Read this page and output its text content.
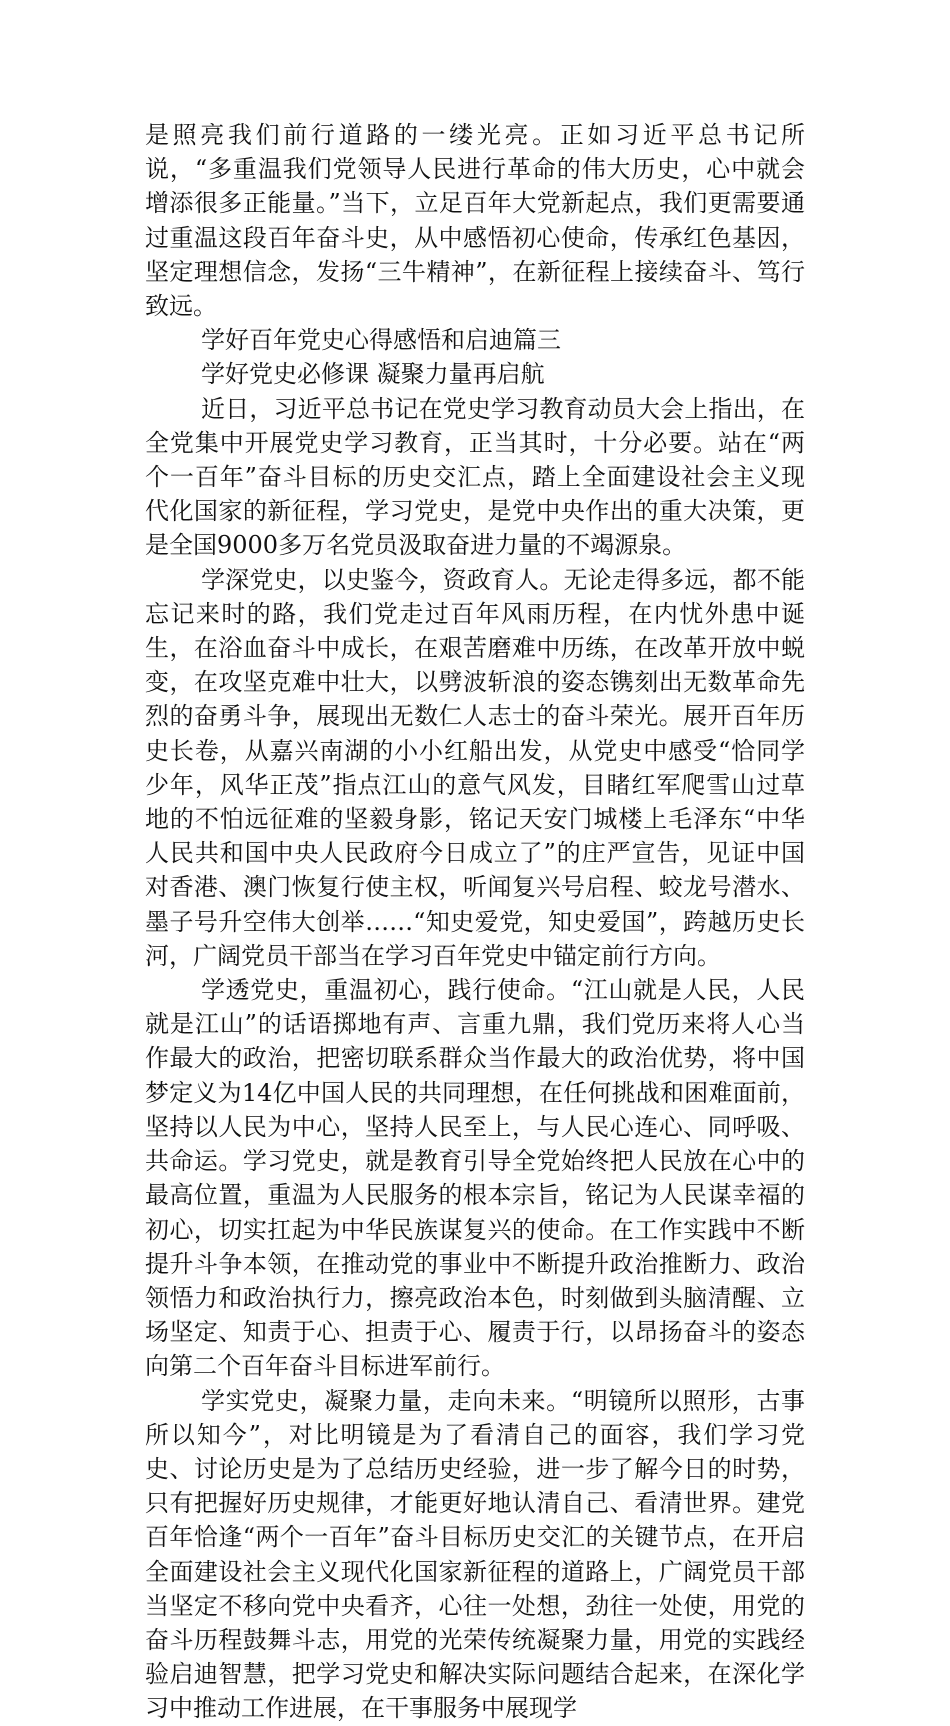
是照亮我们前行道路的一缕光亮。正如习近平总书记所说，“多重温我们党领导人民进行革命的伟大历史，心中就会增添很多正能量。”当下，立足百年大党新起点，我们更需要通过重温这段百年奋斗史，从中感悟初心使命，传承红色基因，坚定理想信念，发扬“三牛精神”，在新征程上接续奋斗、笃行致远。

学好百年党史心得感悟和启迪篇三

学好党史必修课 凝聚力量再启航

近日，习近平总书记在党史学习教育动员大会上指出，在全党集中开展党史学习教育，正当其时，十分必要。站在“两个一百年”奋斗目标的历史交汇点，踏上全面建设社会主义现代化国家的新征程，学习党史，是党中央作出的重大决策，更是全国9000多万名党员汲取奋进力量的不竭源泉。

学深党史，以史鉴今，资政育人。无论走得多远，都不能忘记来时的路，我们党走过百年风雨历程，在内忧外患中诞生，在浴血奋斗中成长，在艰苦磨难中历练，在改革开放中蜕变，在攻坚克难中壮大，以劈波斩浪的姿态镌刻出无数革命先烈的奋勇斗争，展现出无数仁人志士的奋斗荣光。展开百年历史长卷，从嘉兴南湖的小小红船出发，从党史中感受“恰同学少年，风华正茂”指点江山的意气风发，目睹红军爬雪山过草地的不怕远征难的坚毅身影，铭记天安门城楼上毛泽东“中华人民共和国中央人民政府今日成立了”的庄严宣告，见证中国对香港、澳门恢复行使主权，听闻复兴号启程、蛟龙号潜水、墨子号升空伟大创举……“知史爱党，知史爱国”，跨越历史长河，广阔党员干部当在学习百年党史中锚定前行方向。

学透党史，重温初心，践行使命。“江山就是人民，人民就是江山”的话语掷地有声、言重九鼎，我们党历来将人心当作最大的政治，把密切联系群众当作最大的政治优势，将中国梦定义为14亿中国人民的共同理想，在任何挑战和困难面前，坚持以人民为中心，坚持人民至上，与人民心连心、同呼吸、共命运。学习党史，就是教育引导全党始终把人民放在心中的最高位置，重温为人民服务的根本宗旨，铭记为人民谋幸福的初心，切实扛起为中华民族谋复兴的使命。在工作实践中不断提升斗争本领，在推动党的事业中不断提升政治推断力、政治领悟力和政治执行力，擦亮政治本色，时刻做到头脑清醒、立场坚定、知责于心、担责于心、履责于行，以昂扬奋斗的姿态向第二个百年奋斗目标进军前行。

学实党史，凝聚力量，走向未来。“明镜所以照形，古事所以知今”，对比明镜是为了看清自己的面容，我们学习党史、讨论历史是为了总结历史经验，进一步了解今日的时势，只有把握好历史规律，才能更好地认清自己、看清世界。建党百年恰逢“两个一百年”奋斗目标历史交汇的关键节点，在开启全面建设社会主义现代化国家新征程的道路上，广阔党员干部当坚定不移向党中央看齐，心往一处想，劲往一处使，用党的奋斗历程鼓舞斗志，用党的光荣传统凝聚力量，用党的实践经验启迪智慧，把学习党史和解决实际问题结合起来，在深化学习中推动工作进展，在干事服务中展现学
